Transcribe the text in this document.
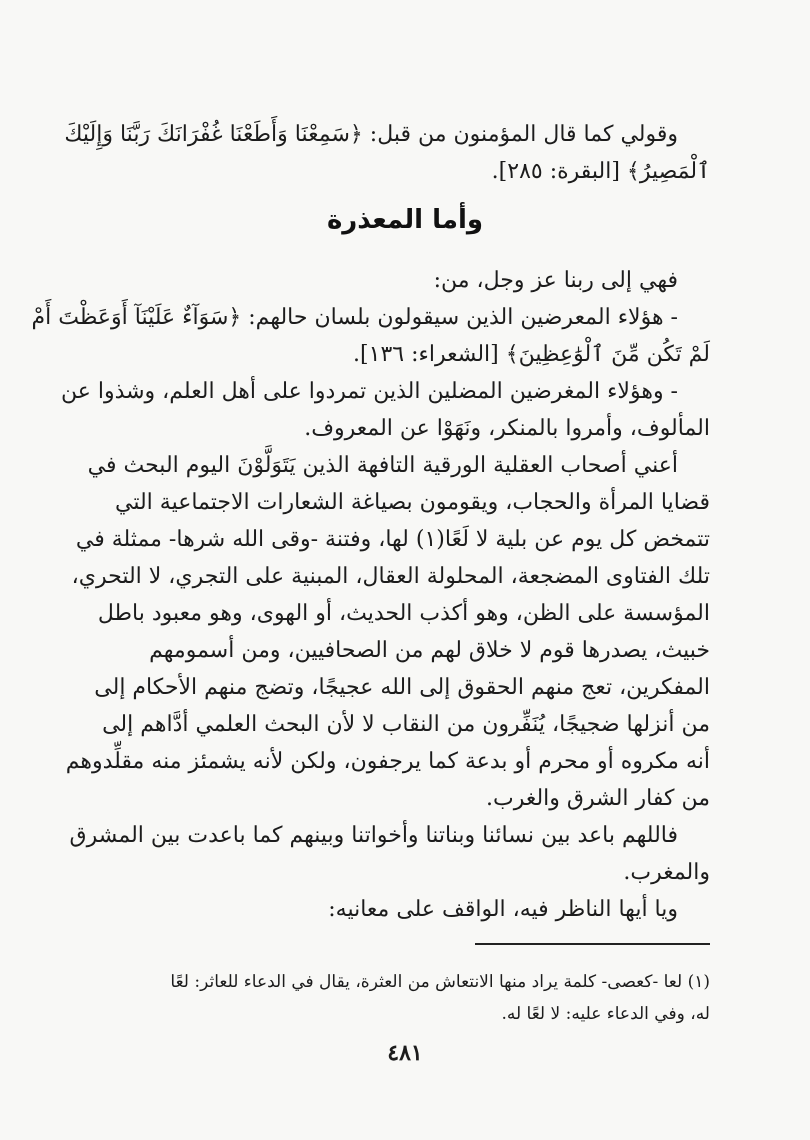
وقولي كما قال المؤمنون من قبل: ﴿سَمِعْنَا وَأَطَعْنَا غُفْرَانَكَ رَبَّنَا وَإِلَيْكَ
ٱلْمَصِيرُ﴾ [البقرة: ٢٨٥].
وأما المعذرة
فهي إلى ربنا عز وجل، من:
- هؤلاء المعرضين الذين سيقولون بلسان حالهم: ﴿سَوَآءٌ عَلَيْنَآ أَوَعَظْتَ أَمْ
لَمْ تَكُن مِّنَ ٱلْوَٰعِظِينَ﴾ [الشعراء: ١٣٦].
- وهؤلاء المغرضين المضلين الذين تمردوا على أهل العلم، وشذوا عن
المألوف، وأمروا بالمنكر، ونَهَوْا عن المعروف.
أعني أصحاب العقلية الورقية التافهة الذين يَتَوَلَّوْنَ اليوم البحث في
قضايا المرأة والحجاب، ويقومون بصياغة الشعارات الاجتماعية التي
تتمخض كل يوم عن بلية لا لَعًا(١) لها، وفتنة -وقى الله شرها- ممثلة في
تلك الفتاوى المضجعة، المحلولة العقال، المبنية على التجري، لا التحري،
المؤسسة على الظن، وهو أكذب الحديث، أو الهوى، وهو معبود باطل
خبيث، يصدرها قوم لا خلاق لهم من الصحافيين، ومن أسمومهم
المفكرين، تعج منهم الحقوق إلى الله عجيجًا، وتضج منهم الأحكام إلى
من أنزلها ضجيجًا، يُنَفِّرون من النقاب لا لأن البحث العلمي أدَّاهم إلى
أنه مكروه أو محرم أو بدعة كما يرجفون، ولكن لأنه يشمئز منه مقلِّدوهم
من كفار الشرق والغرب.
فاللهم باعد بين نسائنا وبناتنا وأخواتنا وبينهم كما باعدت بين المشرق
والمغرب.
ويا أيها الناظر فيه، الواقف على معانيه:
(١) لعا -كعصى- كلمة يراد منها الانتعاش من العثرة، يقال في الدعاء للعاثر: لعًا
له، وفي الدعاء عليه: لا لعًا له.
٤٨١
